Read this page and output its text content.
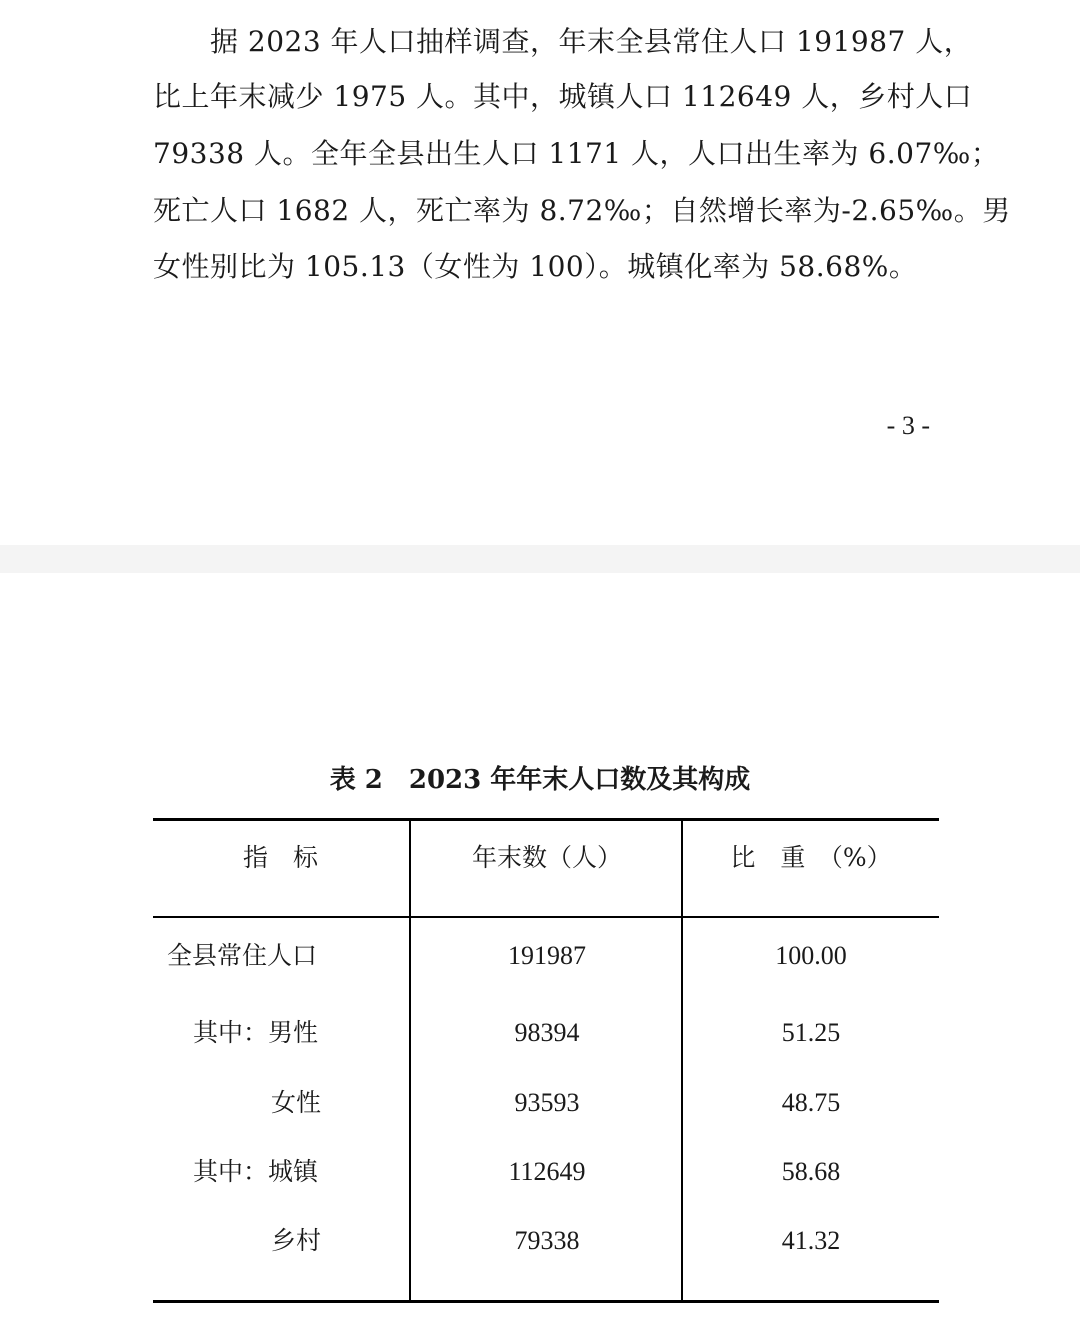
据 2023 年人口抽样调查，年末全县常住人口 191987 人，
比上年末减少 1975 人。其中，城镇人口 112649 人，乡村人口
79338 人。全年全县出生人口 1171 人，人口出生率为 6.07‰；
死亡人口 1682 人，死亡率为 8.72‰；自然增长率为-2.65‰。男
女性别比为 105.13（女性为 100）。城镇化率为 58.68%。
- 3 -
表 2　2023 年年末人口数及其构成
指　标	年末数（人）	比　重　（%）
全县常住人口	191987	100.00
其中：男性	98394	51.25
女性	93593	48.75
其中：城镇	112649	58.68
乡村	79338	41.32
